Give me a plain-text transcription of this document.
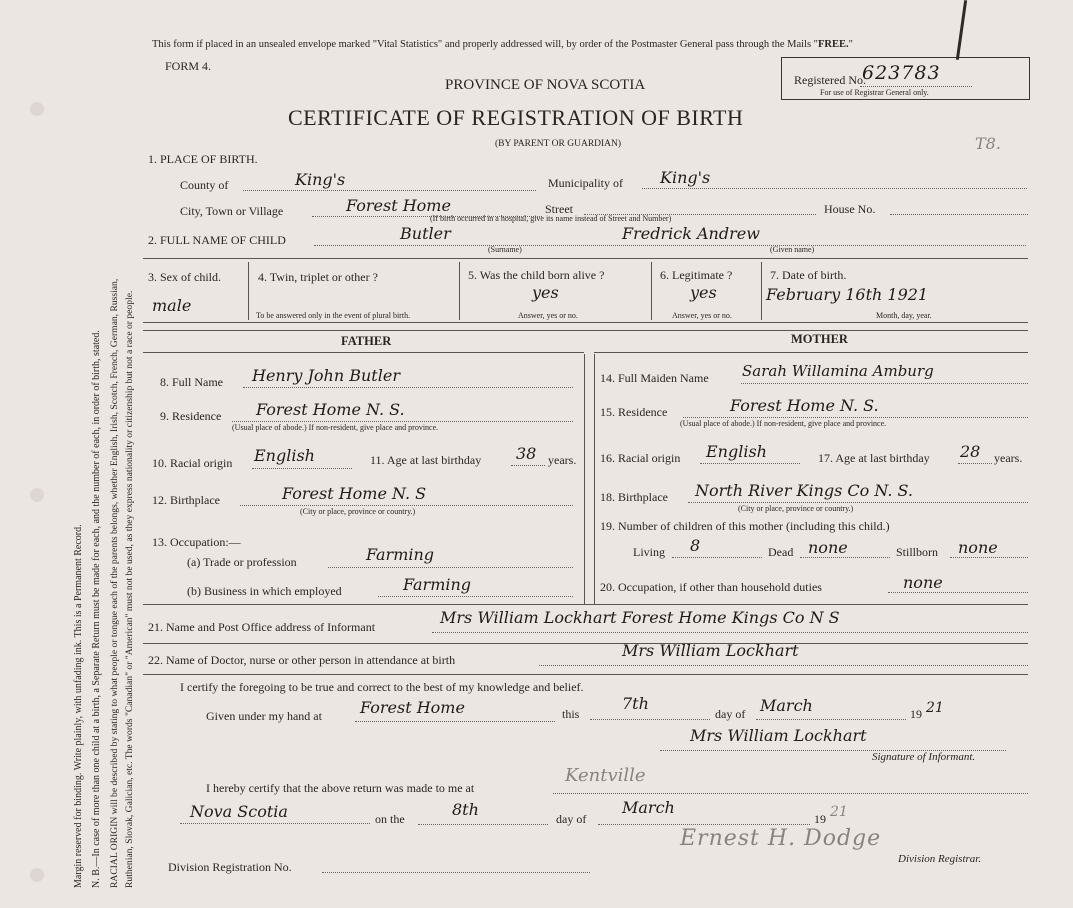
Margin reserved for binding. Write plainly, with unfading ink. This is a Permanent Record. N. B.—In case of more than one child at a birth, a Separate Return must be made for each, and the number of each, in order of birth, stated. RACIAL ORIGIN will be described by stating to what people or tongue each of the parents belongs, whether English, Irish, Scotch, French, German, Russian, Ruthenian, Slovak, Galician, etc. The words "Canadian" or "American" must not be used, as they express nationality or citizenship but not a race or people.
This form if placed in an unsealed envelope marked "Vital Statistics" and properly addressed will, by order of the Postmaster General pass through the Mails "FREE."
FORM 4.
PROVINCE OF NOVA SCOTIA
CERTIFICATE OF REGISTRATION OF BIRTH
(BY PARENT OR GUARDIAN)
Registered No.
623783
For use of Registrar General only.
T8.
1. PLACE OF BIRTH.
County of	King's	Municipality of King's
City, Town or Village	Forest Home	Street	House No.
(If birth occurred in a hospital, give its name instead of Street and Number)
2. FULL NAME OF CHILD	Butler
(Surname)
Fredrick Andrew
(Given name)
3. Sex of child.
male
4. Twin, triplet or other ?
To be answered only in the event of plural birth.
5. Was the child born alive ?
yes
Answer, yes or no.
6. Legitimate ?
yes
Answer, yes or no.
7. Date of birth.
February 16th 1921
Month, day, year.
FATHER	MOTHER
8. Full Name Henry John Butler
9. Residence Forest Home N. S.
(Usual place of abode.) If non-resident, give place and province.
10. Racial origin English	11. Age at last birthday 38 years.
12. Birthplace	Forest Home N. S
(City or place, province or country.)
13. Occupation:—
(a) Trade or profession	Farming
(b) Business in which employed	Farming
14. Full Maiden Name Sarah Willamina Amburg
15. Residence	Forest Home N. S.
(Usual place of abode.) If non-resident, give place and province.
16. Racial origin English	17. Age at last birthday 28 years.
18. Birthplace North River Kings Co N. S.
(City or place, province or country.)
19. Number of children of this mother (including this child.)
Living 8	Dead none	Stillborn none
20. Occupation, if other than household duties	none
21. Name and Post Office address of Informant	Mrs William Lockhart Forest Home Kings Co N S
22. Name of Doctor, nurse or other person in attendance at birth	Mrs William Lockhart
I certify the foregoing to be true and correct to the best of my knowledge and belief.
Given under my hand at Forest Home	this
7th
day of March	19 21
Mrs William Lockhart
Signature of Informant.
I hereby certify that the above return was made to me at
Kentville
Nova Scotia	on the	8th	day of
March
19 21
Ernest H. Dodge
Division Registrar.
Division Registration No.
